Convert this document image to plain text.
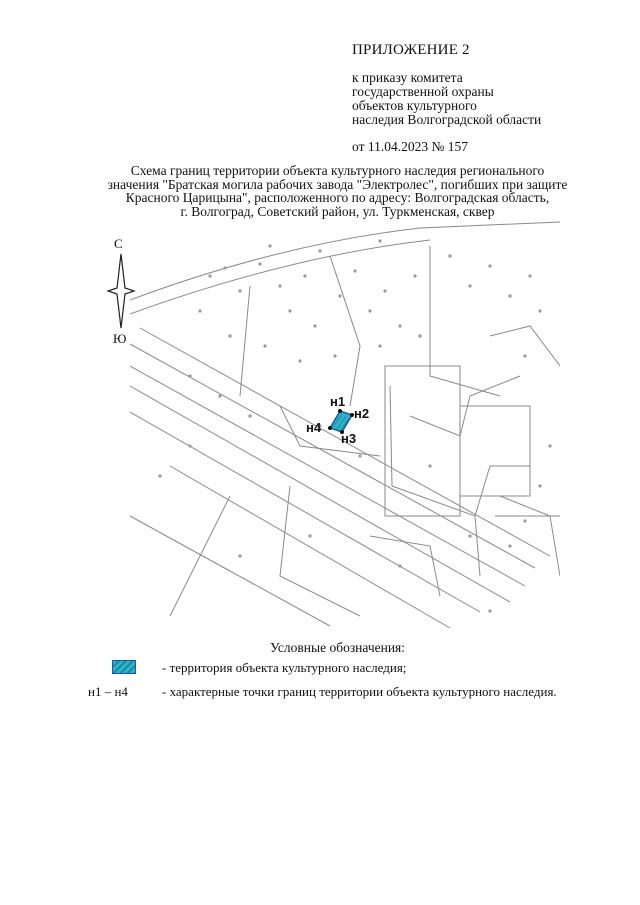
ПРИЛОЖЕНИЕ 2
к приказу комитета
государственной охраны
объектов культурного
наследия Волгоградской области
от 11.04.2023 № 157
Схема границ территории объекта культурного наследия регионального
значения "Братская могила рабочих завода "Электролес", погибших при защите
Красного Царицына", расположенного по адресу: Волгоградская область,
г. Волгоград, Советский район, ул. Туркменская, сквер
С
Ю
н1
н2
н3
н4
Условные обозначения:
- территория объекта культурного наследия;
н1 – н4	- характерные точки границ территории объекта культурного наследия.
